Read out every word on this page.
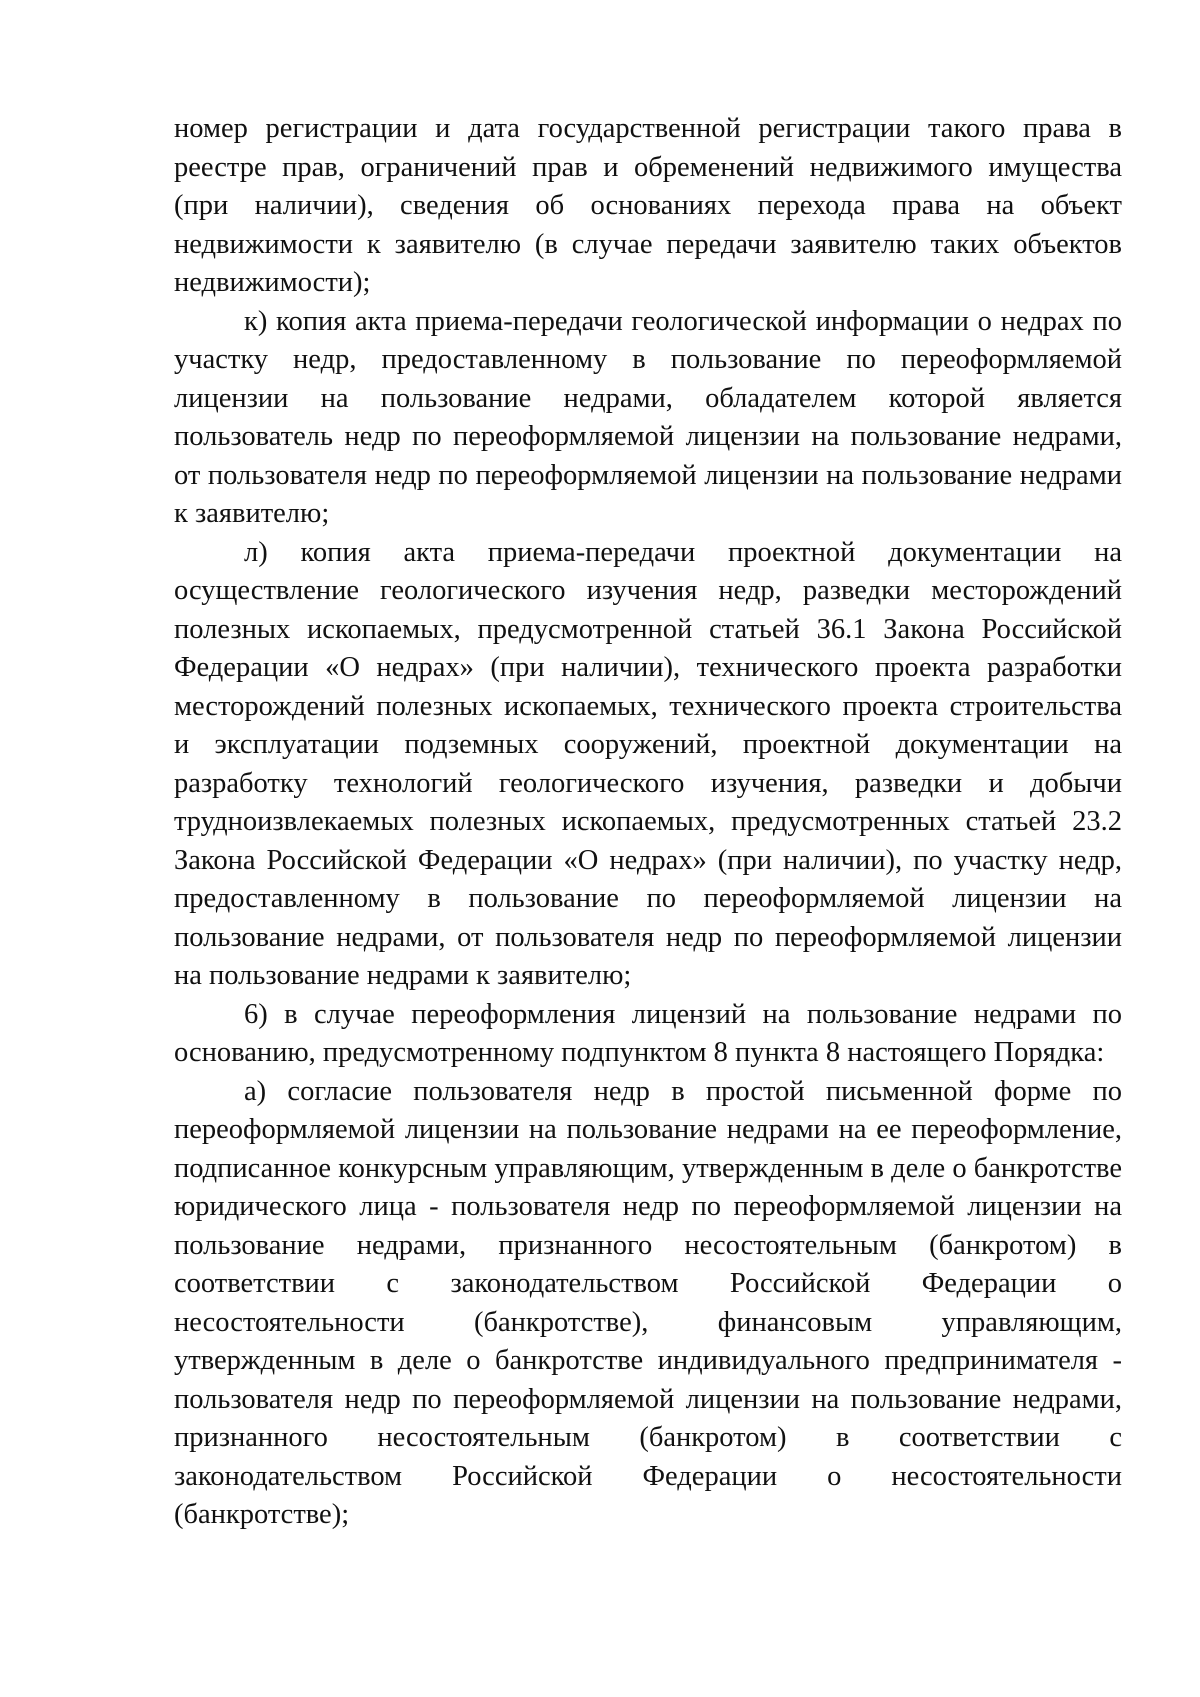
номер регистрации и дата государственной регистрации такого права в реестре прав, ограничений прав и обременений недвижимого имущества (при наличии), сведения об основаниях перехода права на объект недвижимости к заявителю (в случае передачи заявителю таких объектов недвижимости);

к) копия акта приема-передачи геологической информации о недрах по участку недр, предоставленному в пользование по переоформляемой лицензии на пользование недрами, обладателем которой является пользователь недр по переоформляемой лицензии на пользование недрами, от пользователя недр по переоформляемой лицензии на пользование недрами к заявителю;

л) копия акта приема-передачи проектной документации на осуществление геологического изучения недр, разведки месторождений полезных ископаемых, предусмотренной статьей 36.1 Закона Российской Федерации «О недрах» (при наличии), технического проекта разработки месторождений полезных ископаемых, технического проекта строительства и эксплуатации подземных сооружений, проектной документации на разработку технологий геологического изучения, разведки и добычи трудноизвлекаемых полезных ископаемых, предусмотренных статьей 23.2 Закона Российской Федерации «О недрах» (при наличии), по участку недр, предоставленному в пользование по переоформляемой лицензии на пользование недрами, от пользователя недр по переоформляемой лицензии на пользование недрами к заявителю;

6) в случае переоформления лицензий на пользование недрами по основанию, предусмотренному подпунктом 8 пункта 8 настоящего Порядка:

а) согласие пользователя недр в простой письменной форме по переоформляемой лицензии на пользование недрами на ее переоформление, подписанное конкурсным управляющим, утвержденным в деле о банкротстве юридического лица - пользователя недр по переоформляемой лицензии на пользование недрами, признанного несостоятельным (банкротом) в соответствии с законодательством Российской Федерации о несостоятельности (банкротстве), финансовым управляющим, утвержденным в деле о банкротстве индивидуального предпринимателя - пользователя недр по переоформляемой лицензии на пользование недрами, признанного несостоятельным (банкротом) в соответствии с законодательством Российской Федерации о несостоятельности (банкротстве);
